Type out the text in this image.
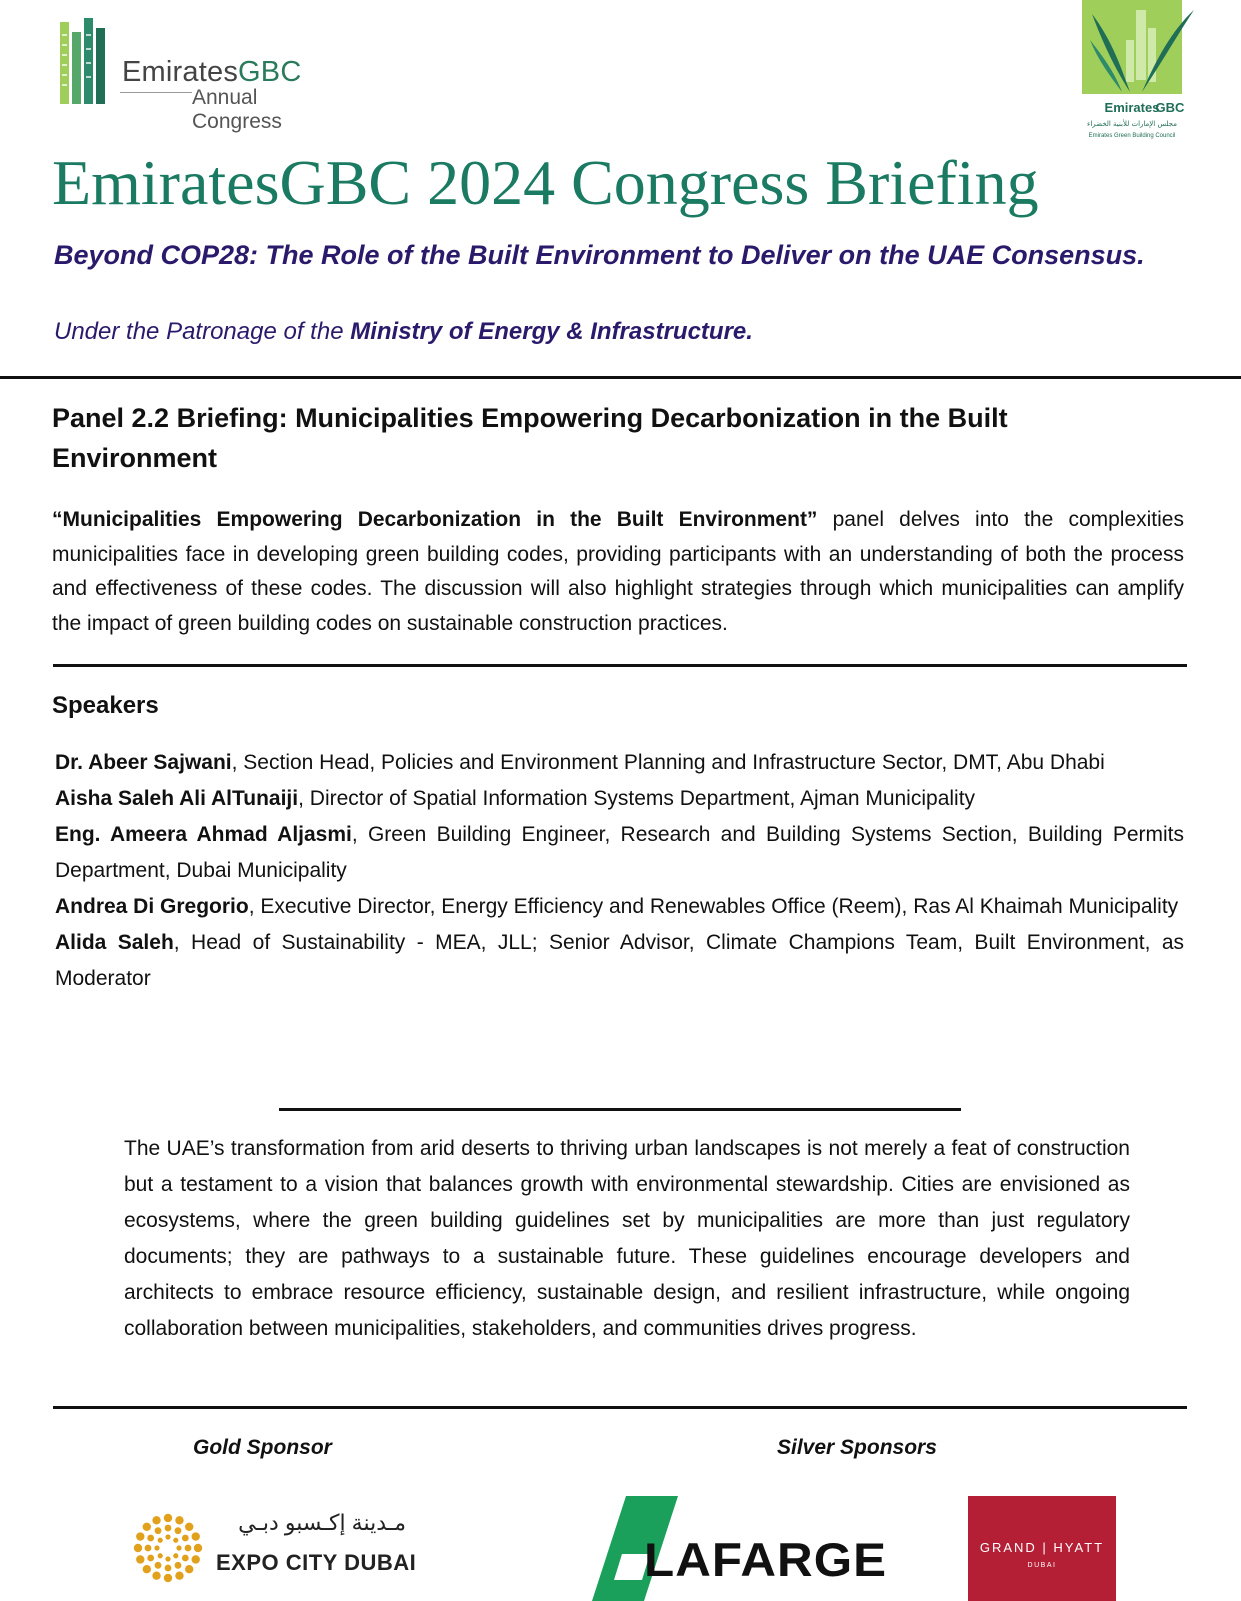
EmiratesGBC
Annual Congress
Emirates
GBC
مجلس الإمارات للأبنية الخضراء
Emirates Green Building Council
EmiratesGBC 2024 Congress Briefing
Beyond COP28: The Role of the Built Environment to Deliver on the UAE Consensus.
Under the Patronage of the Ministry of Energy & Infrastructure.
Panel 2.2 Briefing: Municipalities Empowering Decarbonization in the Built Environment
“Municipalities Empowering Decarbonization in the Built Environment” panel delves into the complexities municipalities face in developing green building codes, providing participants with an understanding of both the process and effectiveness of these codes. The discussion will also highlight strategies through which municipalities can amplify the impact of green building codes on sustainable construction practices.
Speakers
Dr. Abeer Sajwani, Section Head, Policies and Environment Planning and Infrastructure Sector, DMT, Abu Dhabi
Aisha Saleh Ali AlTunaiji, Director of Spatial Information Systems Department, Ajman Municipality
Eng. Ameera Ahmad Aljasmi, Green Building Engineer, Research and Building Systems Section, Building Permits Department, Dubai Municipality
Andrea Di Gregorio, Executive Director, Energy Efficiency and Renewables Office (Reem), Ras Al Khaimah Municipality
Alida Saleh, Head of Sustainability - MEA, JLL; Senior Advisor, Climate Champions Team, Built Environment, as Moderator
The UAE’s transformation from arid deserts to thriving urban landscapes is not merely a feat of construction but a testament to a vision that balances growth with environmental stewardship. Cities are envisioned as ecosystems, where the green building guidelines set by municipalities are more than just regulatory documents; they are pathways to a sustainable future. These guidelines encourage developers and architects to embrace resource efficiency, sustainable design, and resilient infrastructure, while ongoing collaboration between municipalities, stakeholders, and communities drives progress.
Gold Sponsor	Silver Sponsors
مـدينة إكـسبو دبـي
EXPO CITY DUBAI	LAFARGE	GRAND | HYATT
DUBAI
